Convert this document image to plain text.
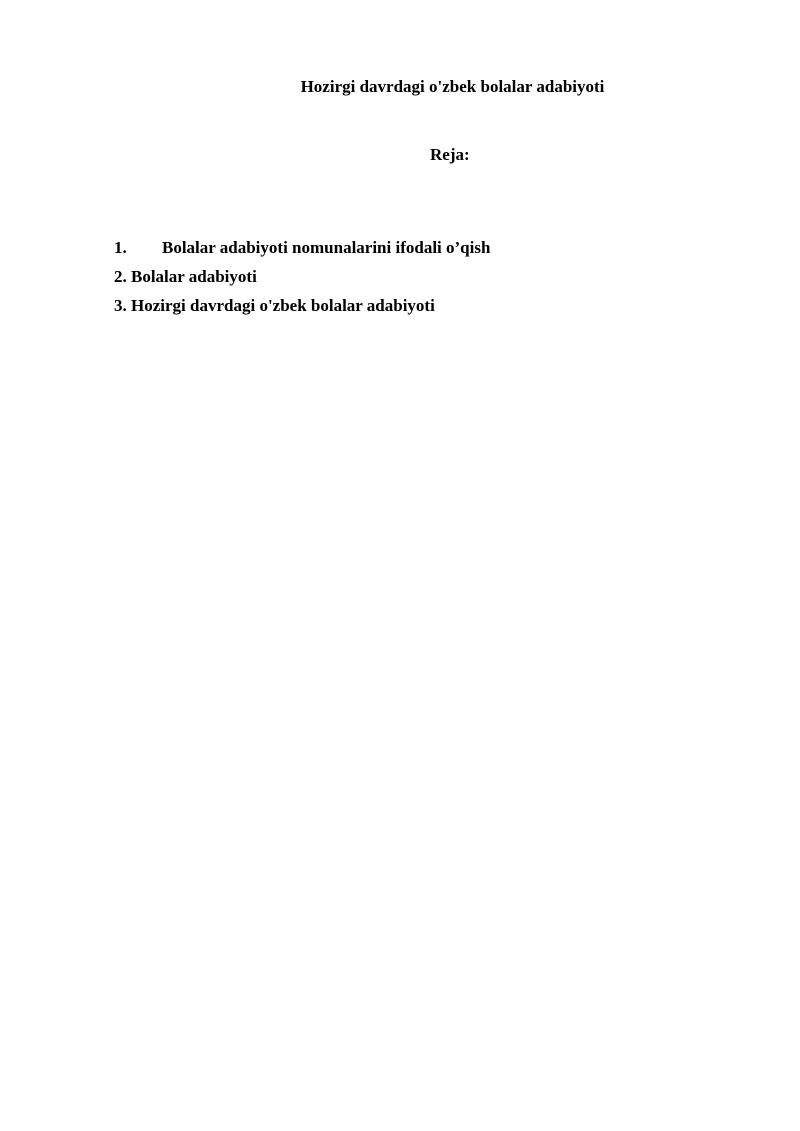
Hozirgi davrdagi o'zbek bolalar adabiyoti
Reja:
1. Bolalar adabiyoti nomunalarini ifodali o’qish
2. Bolalar adabiyoti
3. Hozirgi davrdagi o'zbek bolalar adabiyoti
